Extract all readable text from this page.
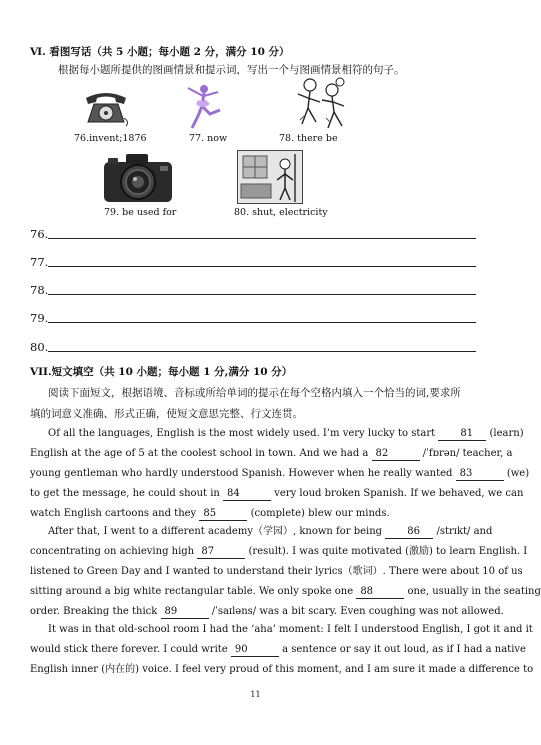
Ⅵ. 看图写话（共 5 小题；每小题 2 分，满分 10 分）
根据每小题所提供的图画情景和提示词，写出一个与图画情景相符的句子。
76.invent;1876	77. now	78. there be
79. be used for	80. shut, electricity
76.
77.
78.
79.
80.
VII.短文填空（共 10 小题；每小题 1 分,满分 10 分）
阅读下面短文，根据语境、音标或所给单词的提示在每个空格内填入一个恰当的词,要求所
填的词意义准确、形式正确，使短文意思完整、行文连贯。
Of all the languages, English is the most widely used. I’m very lucky to start	81 (learn)
English at the age of 5 at the coolest school in town. And we had a 82	/ˈfɒrən/ teacher, a
young gentleman who hardly understood Spanish. However when he really wanted 83	(we)
to get the message, he could shout in 84	very loud broken Spanish. If we behaved, we can
watch English cartoons and they 85	(complete) blew our minds.
After that, I went to a different academy（学园）, known for being	86 /strɪkt/ and
concentrating on achieving high 87	(result). I was quite motivated (激励) to learn English. I
listened to Green Day and I wanted to understand their lyrics（歌词）. There were about 10 of us
sitting around a big white rectangular table. We only spoke one 88	one, usually in the seating
order. Breaking the thick 89	/ˈsaɪləns/ was a bit scary. Even coughing was not allowed.
It was in that old-school room I had the ‘aha’ moment: I felt I understood English, I got it and it
would stick there forever. I could write 90	a sentence or say it out loud, as if I had a native
English inner (内在的) voice. I feel very proud of this moment, and I am sure it made a difference to
11
